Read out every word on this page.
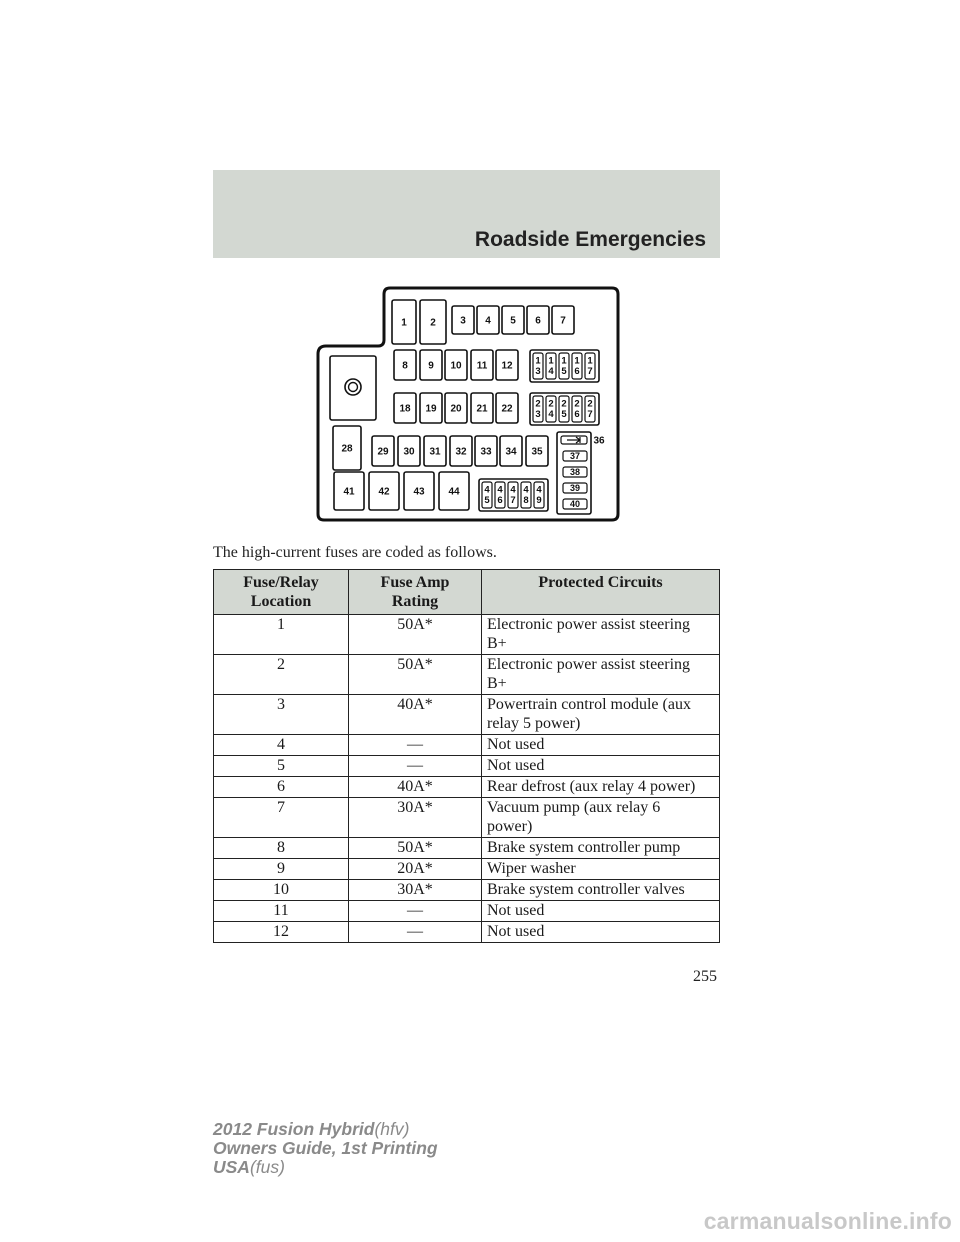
Roadside Emergencies
1 2 3 4 5 6 7
8 9 10 11 12 1
3
1
4
1
5
1
6
1
7
18 19 20 21 22 2
3
2
4
2
5
2
6
2
7
28 29 30 31 32 33 34 35
36
37
38
39
40
41 42 43 44	4
5
4
6
4
7
4
8
4
9
The high-current fuses are coded as follows.
Fuse/Relay
Location	Fuse Amp
Rating	Protected Circuits
1	50A*	Electronic power assist steering
B+
2	50A*	Electronic power assist steering
B+
3	40A*	Powertrain control module (aux
relay 5 power)
4	—	Not used
5	—	Not used
6	40A*	Rear defrost (aux relay 4 power)
7	30A*	Vacuum pump (aux relay 6
power)
8	50A*	Brake system controller pump
9	20A*	Wiper washer
10	30A*	Brake system controller valves
11	—	Not used
12	—	Not used
255
2012 Fusion Hybrid(hfv)
Owners Guide, 1st Printing
USA(fus)
carmanualsonline.info
